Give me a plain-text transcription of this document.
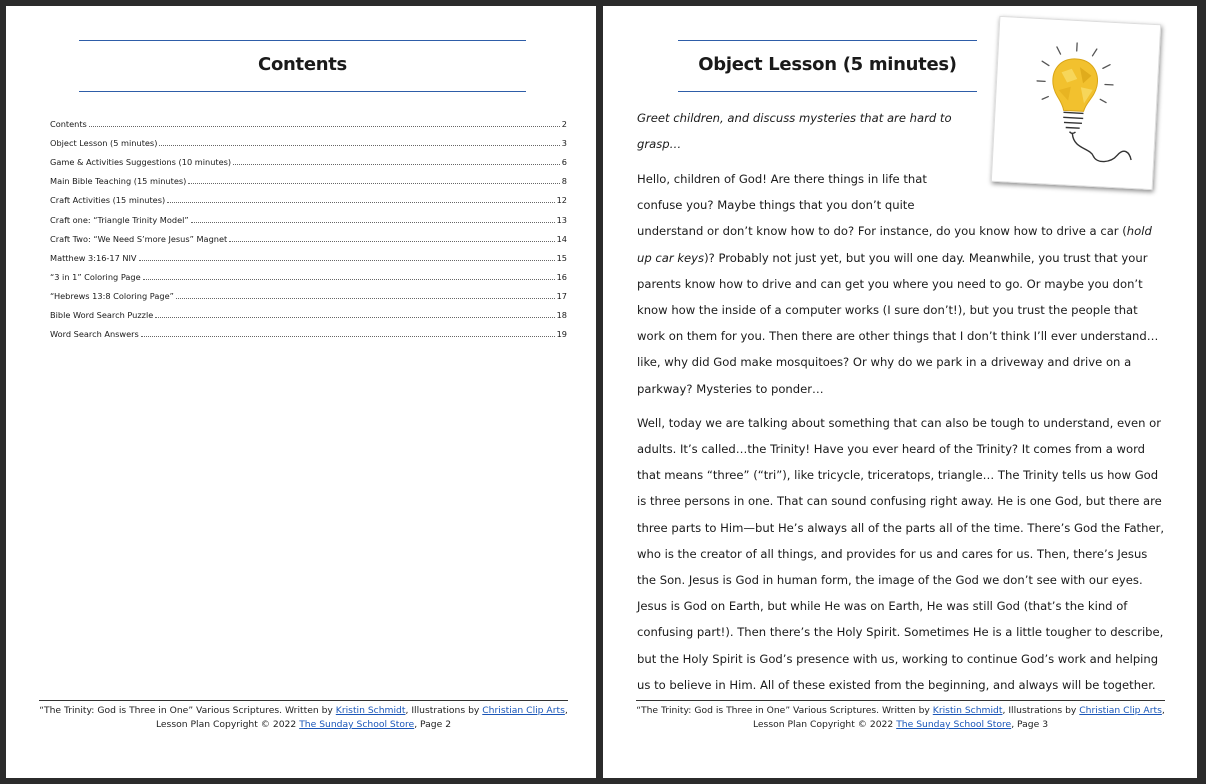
Contents
Contents	2
Object Lesson (5 minutes)	3
Game & Activities Suggestions (10 minutes)	6
Main Bible Teaching (15 minutes)	8
Craft Activities (15 minutes)	12
Craft one: “Triangle Trinity Model”	13
Craft Two: “We Need S’more Jesus” Magnet	14
Matthew 3:16-17 NIV	15
“3 in 1” Coloring Page	16
“Hebrews 13:8 Coloring Page”	17
Bible Word Search Puzzle	18
Word Search Answers	19
“The Trinity: God is Three in One” Various Scriptures. Written by Kristin Schmidt, Illustrations by Christian Clip Arts, Lesson Plan Copyright © 2022 The Sunday School Store, Page 2
Object Lesson (5 minutes)

Greet children, and discuss mysteries that are hard to grasp…

Hello, children of God! Are there things in life that confuse you? Maybe things that you don’t quite understand or don’t know how to do? For instance, do you know how to drive a car (hold up car keys)? Probably not just yet, but you will one day. Meanwhile, you trust that your parents know how to drive and can get you where you need to go. Or maybe you don’t know how the inside of a computer works (I sure don’t!), but you trust the people that work on them for you. Then there are other things that I don’t think I’ll ever understand…like, why did God make mosquitoes? Or why do we park in a driveway and drive on a parkway? Mysteries to ponder…

Well, today we are talking about something that can also be tough to understand, even or adults. It’s called…the Trinity! Have you ever heard of the Trinity? It comes from a word that means “three” (“tri”), like tricycle, triceratops, triangle… The Trinity tells us how God is three persons in one. That can sound confusing right away. He is one God, but there are three parts to Him—but He’s always all of the parts all of the time. There’s God the Father, who is the creator of all things, and provides for us and cares for us. Then, there’s Jesus the Son. Jesus is God in human form, the image of the God we don’t see with our eyes. Jesus is God on Earth, but while He was on Earth, He was still God (that’s the kind of confusing part!). Then there’s the Holy Spirit. Sometimes He is a little tougher to describe, but the Holy Spirit is God’s presence with us, working to continue God’s work and helping us to believe in Him. All of these existed from the beginning, and always will be together.

“The Trinity: God is Three in One” Various Scriptures. Written by Kristin Schmidt, Illustrations by Christian Clip Arts, Lesson Plan Copyright © 2022 The Sunday School Store, Page 3
